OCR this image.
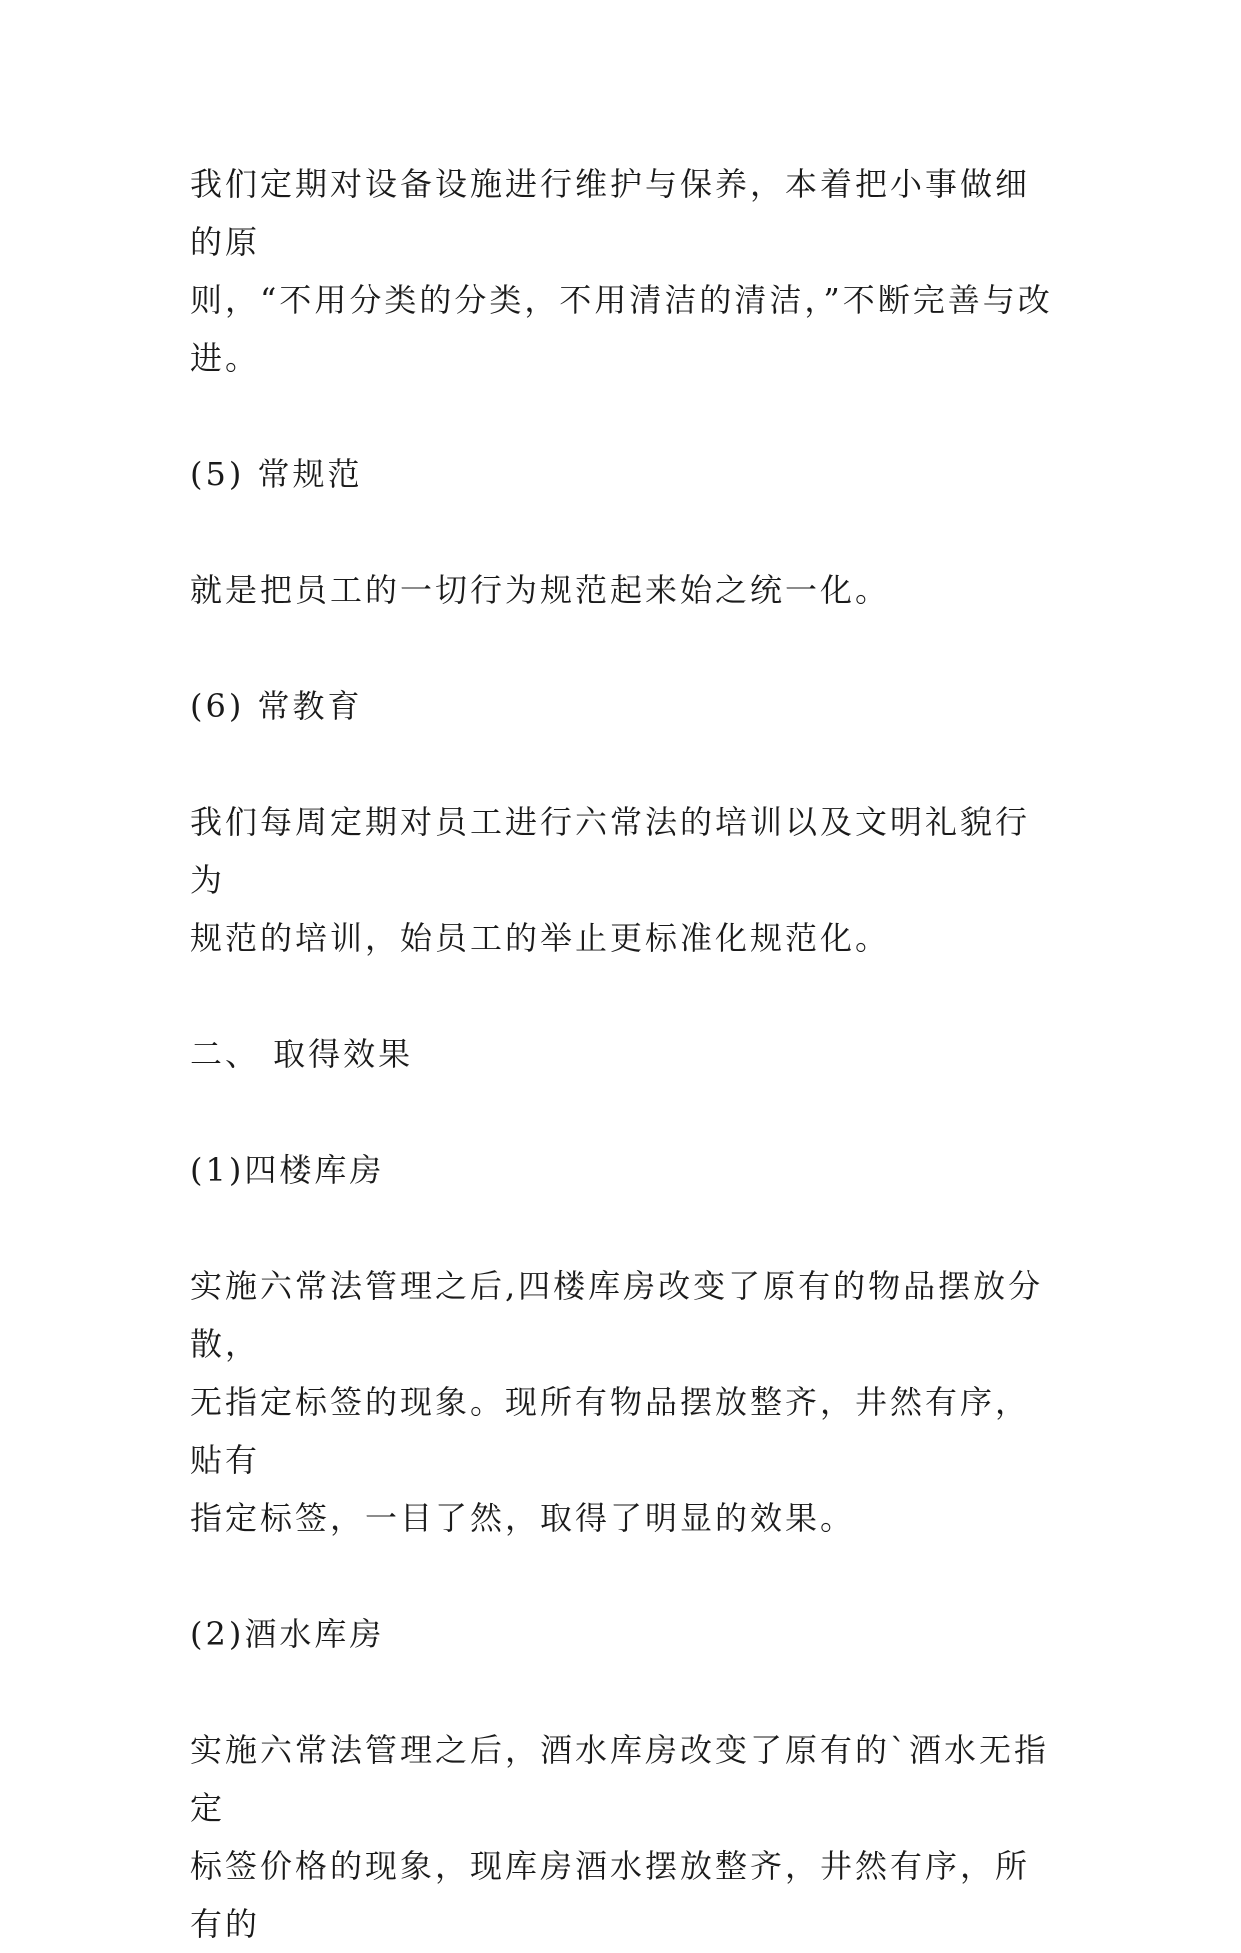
我们定期对设备设施进行维护与保养，本着把小事做细的原
则，“不用分类的分类，不用清洁的清洁，”不断完善与改进。

(5) 常规范

就是把员工的一切行为规范起来始之统一化。

(6) 常教育

我们每周定期对员工进行六常法的培训以及文明礼貌行为
规范的培训，始员工的举止更标准化规范化。

二、 取得效果

(1)四楼库房

实施六常法管理之后,四楼库房改变了原有的物品摆放分散，
无指定标签的现象。现所有物品摆放整齐，井然有序，贴有
指定标签，一目了然，取得了明显的效果。

(2)酒水库房

实施六常法管理之后，酒水库房改变了原有的`酒水无指定
标签价格的现象，现库房酒水摆放整齐，井然有序，所有的
